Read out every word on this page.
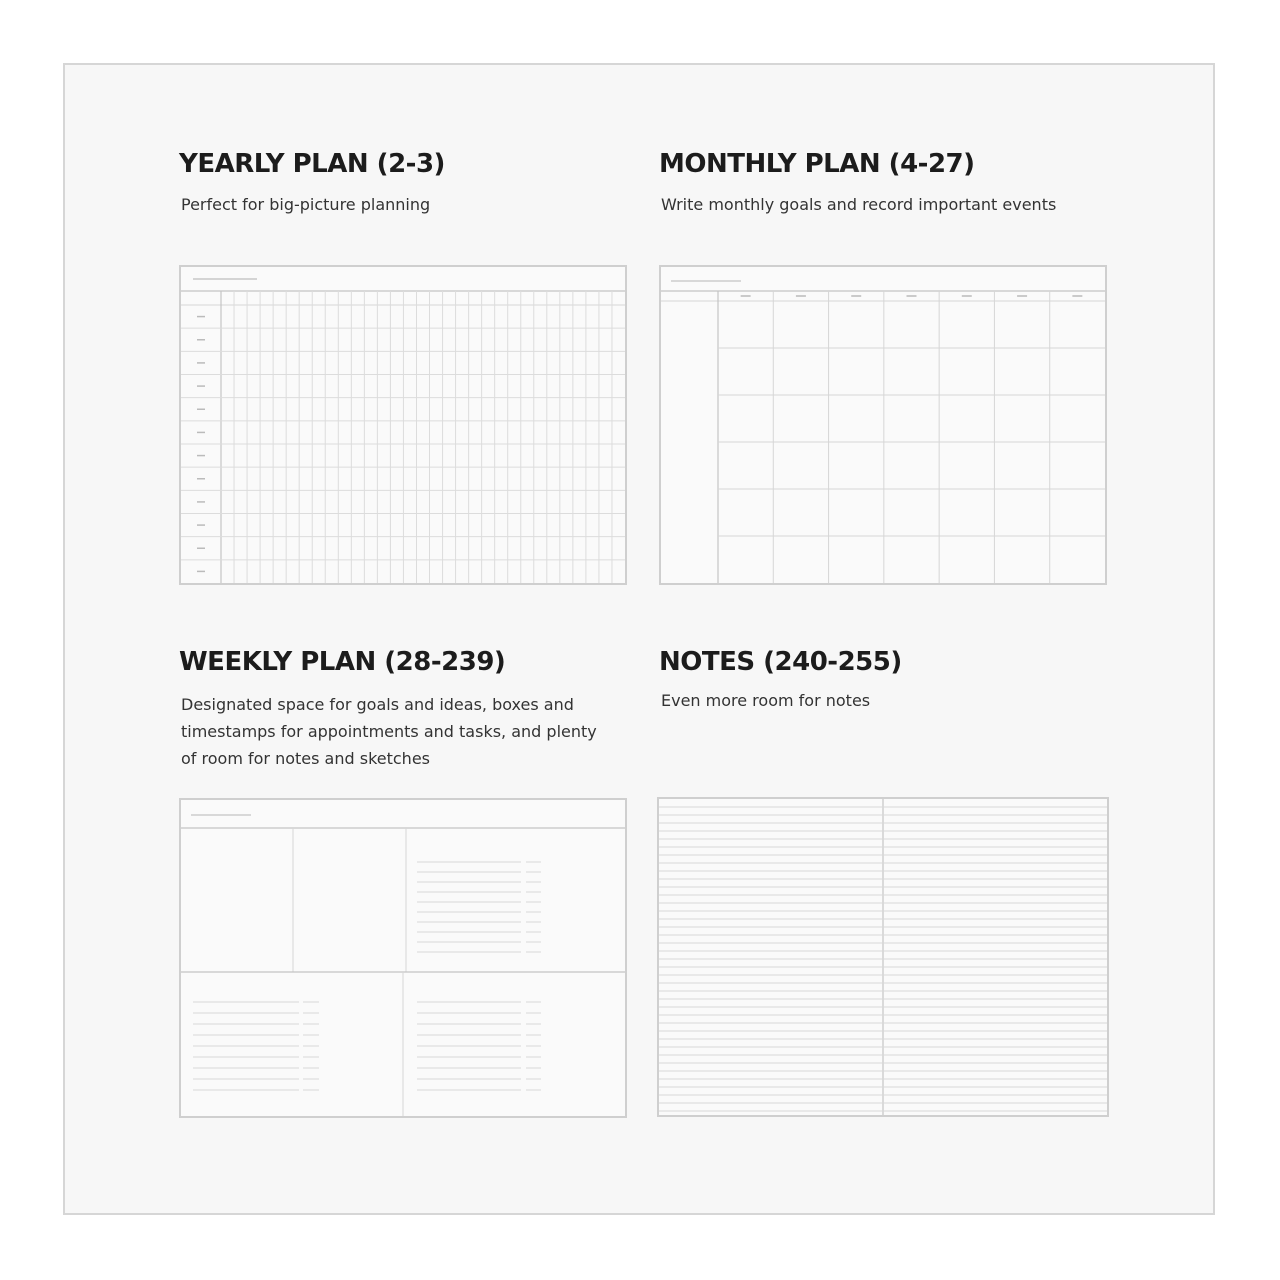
YEARLY PLAN (2-3)

Perfect for big-picture planning

MONTHLY PLAN (4-27)

Write monthly goals and record important events

WEEKLY PLAN (28-239)

Designated space for goals and ideas, boxes and
timestamps for appointments and tasks, and plenty
of room for notes and sketches

NOTES (240-255)

Even more room for notes
